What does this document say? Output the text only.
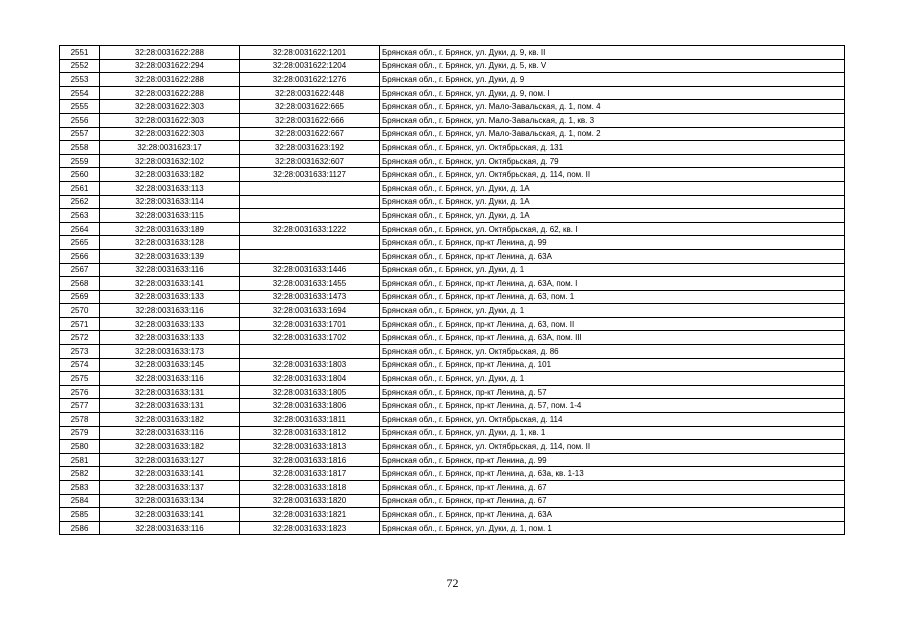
2551	32:28:0031622:288	32:28:0031622:1201	Брянская обл., г. Брянск, ул. Дуки, д. 9, кв. II
2552	32:28:0031622:294	32:28:0031622:1204	Брянская обл., г. Брянск, ул. Дуки, д. 5, кв. V
2553	32:28:0031622:288	32:28:0031622:1276	Брянская обл., г. Брянск, ул. Дуки, д. 9
2554	32:28:0031622:288	32:28:0031622:448	Брянская обл., г. Брянск, ул. Дуки, д. 9, пом. I
2555	32:28:0031622:303	32:28:0031622:665	Брянская обл., г. Брянск, ул. Мало-Завальская, д. 1, пом. 4
2556	32:28:0031622:303	32:28:0031622:666	Брянская обл., г. Брянск, ул. Мало-Завальская, д. 1, кв. 3
2557	32:28:0031622:303	32:28:0031622:667	Брянская обл., г. Брянск, ул. Мало-Завальская, д. 1, пом. 2
2558	32:28:0031623:17	32:28:0031623:192	Брянская обл., г. Брянск, ул. Октябрьская, д. 131
2559	32:28:0031632:102	32:28:0031632:607	Брянская обл., г. Брянск, ул. Октябрьская, д. 79
2560	32:28:0031633:182	32:28:0031633:1127	Брянская обл., г. Брянск, ул. Октябрьская, д. 114, пом. II
2561	32:28:0031633:113		Брянская обл., г. Брянск, ул. Дуки, д. 1А
2562	32:28:0031633:114		Брянская обл., г. Брянск, ул. Дуки, д. 1А
2563	32:28:0031633:115		Брянская обл., г. Брянск, ул. Дуки, д. 1А
2564	32:28:0031633:189	32:28:0031633:1222	Брянская обл., г. Брянск, ул. Октябрьская, д. 62, кв. I
2565	32:28:0031633:128		Брянская обл., г. Брянск, пр-кт Ленина, д. 99
2566	32:28:0031633:139		Брянская обл., г. Брянск, пр-кт Ленина, д. 63А
2567	32:28:0031633:116	32:28:0031633:1446	Брянская обл., г. Брянск, ул. Дуки, д. 1
2568	32:28:0031633:141	32:28:0031633:1455	Брянская обл., г. Брянск, пр-кт Ленина, д. 63А, пом. I
2569	32:28:0031633:133	32:28:0031633:1473	Брянская обл., г. Брянск, пр-кт Ленина, д. 63, пом. 1
2570	32:28:0031633:116	32:28:0031633:1694	Брянская обл., г. Брянск, ул. Дуки, д. 1
2571	32:28:0031633:133	32:28:0031633:1701	Брянская обл., г. Брянск, пр-кт Ленина, д. 63, пом. II
2572	32:28:0031633:133	32:28:0031633:1702	Брянская обл., г. Брянск, пр-кт Ленина, д. 63А, пом. III
2573	32:28:0031633:173		Брянская обл., г. Брянск, ул. Октябрьская, д. 86
2574	32:28:0031633:145	32:28:0031633:1803	Брянская обл., г. Брянск, пр-кт Ленина, д. 101
2575	32:28:0031633:116	32:28:0031633:1804	Брянская обл., г. Брянск, ул. Дуки, д. 1
2576	32:28:0031633:131	32:28:0031633:1805	Брянская обл., г. Брянск, пр-кт Ленина, д. 57
2577	32:28:0031633:131	32:28:0031633:1806	Брянская обл., г. Брянск, пр-кт Ленина, д. 57, пом. 1-4
2578	32:28:0031633:182	32:28:0031633:1811	Брянская обл., г. Брянск, ул. Октябрьская, д. 114
2579	32:28:0031633:116	32:28:0031633:1812	Брянская обл., г. Брянск, ул. Дуки, д. 1, кв. 1
2580	32:28:0031633:182	32:28:0031633:1813	Брянская обл., г. Брянск, ул. Октябрьская, д. 114, пом. II
2581	32:28:0031633:127	32:28:0031633:1816	Брянская обл., г. Брянск, пр-кт Ленина, д. 99
2582	32:28:0031633:141	32:28:0031633:1817	Брянская обл., г. Брянск, пр-кт Ленина, д. 63а, кв. 1-13
2583	32:28:0031633:137	32:28:0031633:1818	Брянская обл., г. Брянск, пр-кт Ленина, д. 67
2584	32:28:0031633:134	32:28:0031633:1820	Брянская обл., г. Брянск, пр-кт Ленина, д. 67
2585	32:28:0031633:141	32:28:0031633:1821	Брянская обл., г. Брянск, пр-кт Ленина, д. 63А
2586	32:28:0031633:116	32:28:0031633:1823	Брянская обл., г. Брянск, ул. Дуки, д. 1, пом. 1
72
